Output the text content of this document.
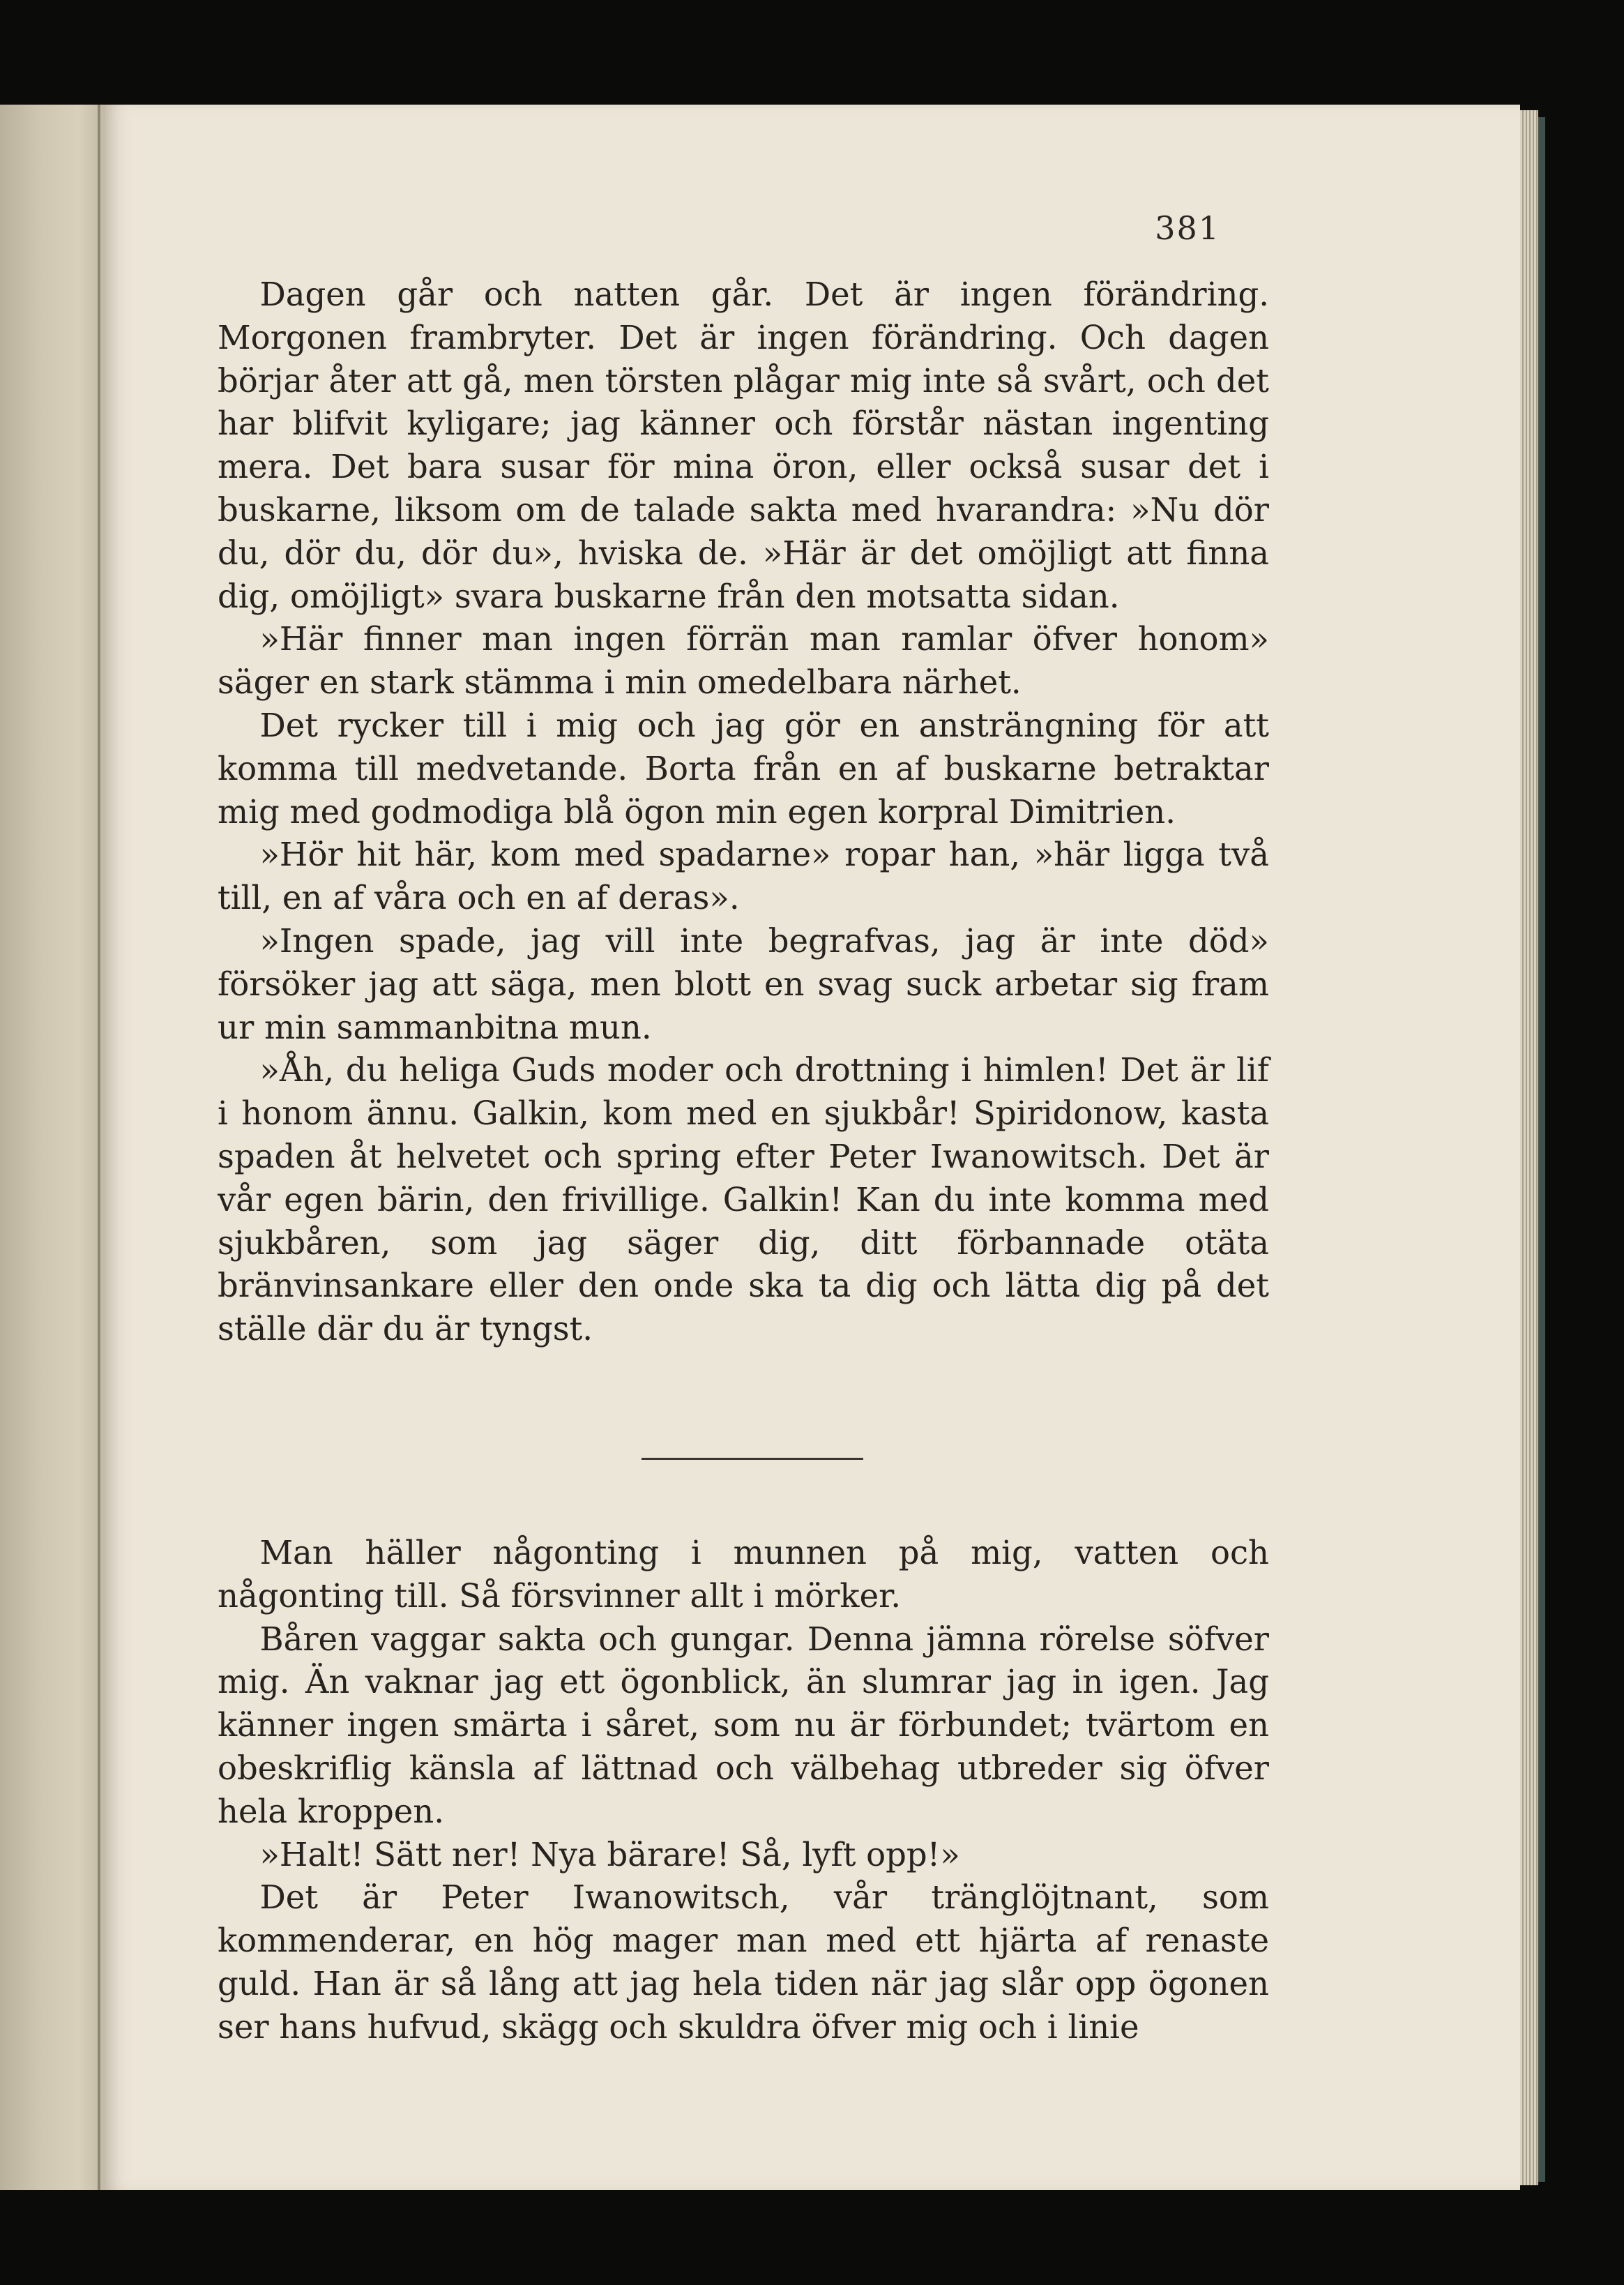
381

Dagen går och natten går. Det är ingen förändring. Morgonen frambryter. Det är ingen förändring. Och dagen börjar åter att gå, men törsten plågar mig inte så svårt, och det har blifvit kyligare; jag känner och förstår nästan ingenting mera. Det bara susar för mina öron, eller också susar det i buskarne, liksom om de talade sakta med hvarandra: »Nu dör du, dör du, dör du», hviska de. »Här är det omöjligt att finna dig, omöjligt» svara buskarne från den motsatta sidan.

»Här finner man ingen förrän man ramlar öfver honom» säger en stark stämma i min omedelbara närhet.

Det rycker till i mig och jag gör en ansträngning för att komma till medvetande. Borta från en af buskarne betraktar mig med godmodiga blå ögon min egen korpral Dimitrien.

»Hör hit här, kom med spadarne» ropar han, »här ligga två till, en af våra och en af deras».

»Ingen spade, jag vill inte begrafvas, jag är inte död» försöker jag att säga, men blott en svag suck arbetar sig fram ur min sammanbitna mun.

»Åh, du heliga Guds moder och drottning i himlen! Det är lif i honom ännu. Galkin, kom med en sjukbår! Spiridonow, kasta spaden åt helvetet och spring efter Peter Iwanowitsch. Det är vår egen bärin, den frivillige. Galkin! Kan du inte komma med sjukbåren, som jag säger dig, ditt förbannade otäta bränvinsankare eller den onde ska ta dig och lätta dig på det ställe där du är tyngst.

Man häller någonting i munnen på mig, vatten och någonting till. Så försvinner allt i mörker.

Båren vaggar sakta och gungar. Denna jämna rörelse söfver mig. Än vaknar jag ett ögonblick, än slumrar jag in igen. Jag känner ingen smärta i såret, som nu är förbundet; tvärtom en obeskriflig känsla af lättnad och välbehag utbreder sig öfver hela kroppen.

»Halt! Sätt ner! Nya bärare! Så, lyft opp!»

Det är Peter Iwanowitsch, vår tränglöjtnant, som kommenderar, en hög mager man med ett hjärta af renaste guld. Han är så lång att jag hela tiden när jag slår opp ögonen ser hans hufvud, skägg och skuldra öfver mig och i linie
